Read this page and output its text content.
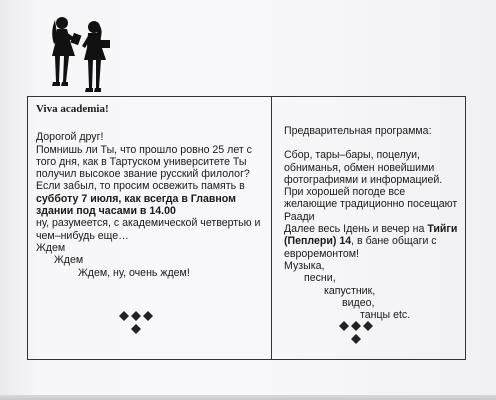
Viva academia!
Дорогой друг!
Помнишь ли Ты, что прошло ровно 25 лет с того дня, как в Тартуском университете Ты получил высокое звание русский филолог?
Если забыл, то просим освежить память в субботу 7 июля, как всегда в Главном здании под часами в 14.00
ну, разумеется, с академической четвертью и чем–нибудь еще…
Ждем
Ждем
Ждем, ну, очень ждем!
Предварительная программа:
Сбор, тары–бары, поцелуи, обниманья, обмен новейшими фотографиями и информацией.
При хорошей погоде все желающие традиционно посещают Раади
Далее весь Iдень и вечер на Тийги (Пеплери) 14, в бане общаги с евроремонтом!
Музыка,
песни,
капустник,
видео,
танцы etc.
